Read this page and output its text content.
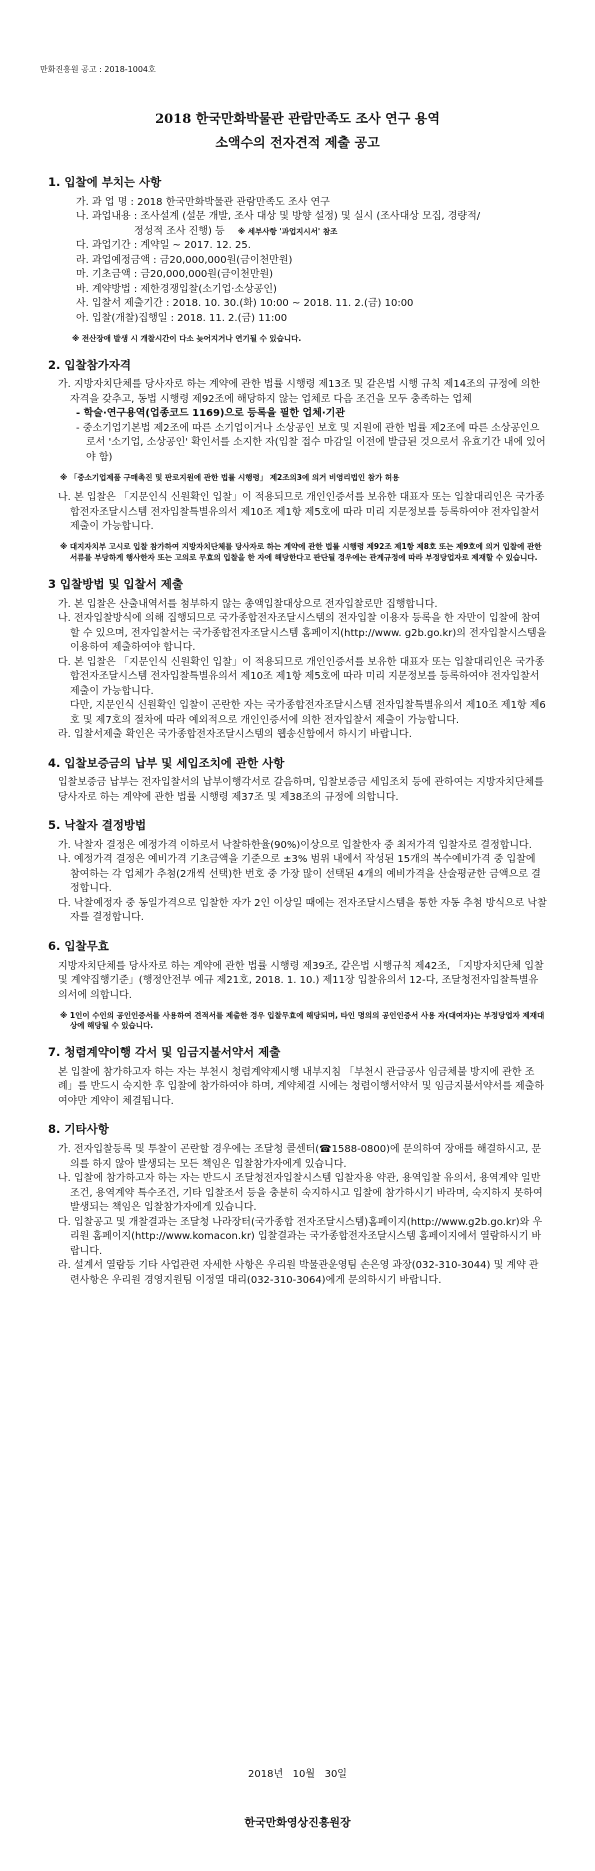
만화진흥원 공고 : 2018-1004호
2018 한국만화박물관 관람만족도 조사 연구 용역
소액수의 전자견적 제출 공고

1. 입찰에 부치는 사항

가. 과 업 명 : 2018 한국만화박물관 관람만족도 조사 연구

나. 과업내용 : 조사설계 (설문 개발, 조사 대상 및 방향 설정) 및 실시 (조사대상 모집, 경량적/

정성적 조사 진행) 등 ※ 세부사항 '과업지시서' 참조

다. 과업기간 : 계약일 ~ 2017. 12. 25.

라. 과업예정금액 : 금20,000,000원(금이천만원)

마. 기초금액 : 금20,000,000원(금이천만원)

바. 계약방법 : 제한경쟁입찰(소기업·소상공인)

사. 입찰서 제출기간 : 2018. 10. 30.(화) 10:00 ~ 2018. 11. 2.(금) 10:00

아. 입찰(개찰)집행일 : 2018. 11. 2.(금) 11:00

※ 전산장애 발생 시 개찰시간이 다소 늦어지거나 연기될 수 있습니다.

2. 입찰참가자격

가. 지방자치단체를 당사자로 하는 계약에 관한 법률 시행령 제13조 및 같은법 시행 규칙 제14조의 규정에 의한 자격을 갖추고, 동법 시행령 제92조에 해당하지 않는 업체로 다음 조건을 모두 충족하는 업체

- 학술·연구용역(업종코드 1169)으로 등록을 필한 업체·기관

- 중소기업기본법 제2조에 따른 소기업이거나 소상공인 보호 및 지원에 관한 법률 제2조에 따른 소상공인으로서 '소기업, 소상공인' 확인서를 소지한 자(입찰 접수 마감일 이전에 발급된 것으로서 유효기간 내에 있어야 함)

※ 「중소기업제품 구매촉진 및 판로지원에 관한 법률 시행령」 제2조의3에 의거 비영리법인 참가 허용

나. 본 입찰은 「지문인식 신원확인 입찰」이 적용되므로 개인인증서를 보유한 대표자 또는 입찰대리인은 국가종합전자조달시스템 전자입찰특별유의서 제10조 제1항 제5호에 따라 미리 지문정보를 등록하여야 전자입찰서 제출이 가능합니다.

※ 대지자치부 고시로 입찰 참가하여 지방자치단체를 당사자로 하는 계약에 관한 법률 시행령 제92조 제1항 제8호 또는 제9호에 의거 입찰에 관한 서류를 부당하게 행사한자 또는 고의로 무효의 입찰을 한 자에 해당한다고 판단될 경우에는 관계규정에 따라 부정당업자로 제재할 수 있습니다.

3 입찰방법 및 입찰서 제출

가. 본 입찰은 산출내역서를 첨부하지 않는 총액입찰대상으로 전자입찰로만 집행합니다.

나. 전자입찰방식에 의해 집행되므로 국가종합전자조달시스템의 전자입찰 이용자 등록을 한 자만이 입찰에 참여할 수 있으며, 전자입찰서는 국가종합전자조달시스템 홈페이지(http://www. g2b.go.kr)의 전자입찰시스템을 이용하여 제출하여야 합니다.

다. 본 입찰은 「지문인식 신원확인 입찰」이 적용되므로 개인인증서를 보유한 대표자 또는 입찰대리인은 국가종합전자조달시스템 전자입찰특별유의서 제10조 제1항 제5호에 따라 미리 지문정보를 등록하여야 전자입찰서 제출이 가능합니다.

다만, 지문인식 신원확인 입찰이 곤란한 자는 국가종합전자조달시스템 전자입찰특별유의서 제10조 제1항 제6호 및 제7호의 절차에 따라 예외적으로 개인인증서에 의한 전자입찰서 제출이 가능합니다.

라. 입찰서제출 확인은 국가종합전자조달시스템의 웹송신함에서 하시기 바랍니다.

4. 입찰보증금의 납부 및 세입조치에 관한 사항

입찰보증금 납부는 전자입찰서의 납부이행각서로 갈음하며, 입찰보증금 세입조치 등에 관하여는 지방자치단체를 당사자로 하는 계약에 관한 법률 시행령 제37조 및 제38조의 규정에 의합니다.

5. 낙찰자 결정방법

가. 낙찰자 결정은 예정가격 이하로서 낙찰하한율(90%)이상으로 입찰한자 중 최저가격 입찰자로 결정합니다.

나. 예정가격 결정은 예비가격 기초금액을 기준으로 ±3% 범위 내에서 작성된 15개의 복수예비가격 중 입찰에 참여하는 각 업체가 추첨(2개씩 선택)한 번호 중 가장 많이 선택된 4개의 예비가격을 산술평균한 금액으로 결정합니다.

다. 낙찰예정자 중 동일가격으로 입찰한 자가 2인 이상일 때에는 전자조달시스템을 통한 자동 추첨 방식으로 낙찰자를 결정합니다.

6. 입찰무효

지방자치단체를 당사자로 하는 계약에 관한 법률 시행령 제39조, 같은법 시행규칙 제42조, 「지방자치단체 입찰 및 계약집행기준」(행정안전부 예규 제21호, 2018. 1. 10.) 제11장 입찰유의서 12-다, 조달청전자입찰특별유의서에 의합니다.

※ 1인이 수인의 공인인증서를 사용하여 견적서를 제출한 경우 입찰무효에 해당되며, 타인 명의의 공인인증서 사용 자(대여자)는 부정당업자 제재대상에 해당될 수 있습니다.

7. 청렴계약이행 각서 및 임금지불서약서 제출

본 입찰에 참가하고자 하는 자는 부천시 청렴계약제시행 내부지침 「부천시 관급공사 임금체불 방지에 관한 조례」를 반드시 숙지한 후 입찰에 참가하여야 하며, 계약체결 시에는 청렴이행서약서 및 임금지불서약서를 제출하여야만 계약이 체결됩니다.

8. 기타사항

가. 전자입찰등록 및 투찰이 곤란할 경우에는 조달청 콜센터(☎1588-0800)에 문의하여 장애를 해결하시고, 문의를 하지 않아 발생되는 모든 책임은 입찰참가자에게 있습니다.

나. 입찰에 참가하고자 하는 자는 반드시 조달청전자입찰시스템 입찰자용 약관, 용역입찰 유의서, 용역계약 일반조건, 용역계약 특수조건, 기타 입찰조서 등을 충분히 숙지하시고 입찰에 참가하시기 바라며, 숙지하지 못하여 발생되는 책임은 입찰참가자에게 있습니다.

다. 입찰공고 및 개찰결과는 조달청 나라장터(국가종합 전자조달시스템)홈페이지(http://www.g2b.go.kr)와 우리원 홈페이지(http://www.komacon.kr) 입찰결과는 국가종합전자조달시스템 홈페이지에서 열람하시기 바랍니다.

라. 설계서 열람등 기타 사업관련 자세한 사항은 우리원 박물관운영팀 손은영 과장(032-310-3044) 및 계약 관련사항은 우리원 경영지원팀 이정열 대리(032-310-3064)에게 문의하시기 바랍니다.

2018년   10월   30일
한국만화영상진흥원장
